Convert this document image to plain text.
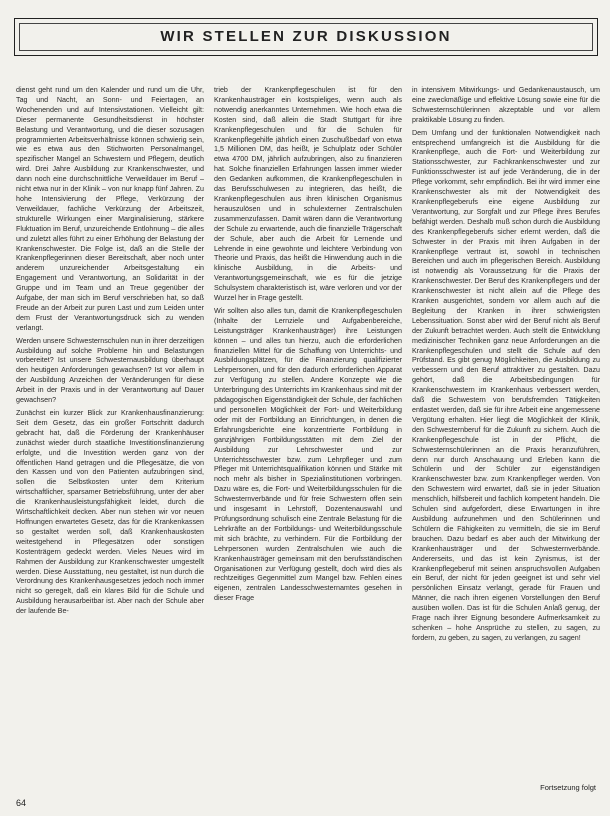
WIR STELLEN ZUR DISKUSSION

dienst geht rund um den Kalender und rund um die Uhr, Tag und Nacht, an Sonn- und Feiertagen, an Wochenenden und auf Intensivstationen. Vielleicht gilt: Dieser permanente Gesundheitsdienst in höchster Belastung und Verantwortung, und die dieser sozusagen programmierten Arbeitsverhältnisse können schwierig sein, wie es etwa aus den Stichworten Personalmangel, spezifischer Mangel an Schwestern und Pflegern, deutlich wird. Drei Jahre Ausbildung zur Krankenschwester, und dann noch eine durchschnittliche Verweildauer im Beruf – nicht etwa nur in der Klinik – von nur knapp fünf Jahren. Zu hohe Intensivierung der Pflege, Verkürzung der Verweildauer, fachliche Verkürzung der Arbeitszeit, strukturelle Wirkungen einer Marginalisierung, stärkere Fluktuation im Beruf, unzureichende Entlohnung – die alles und zuletzt alles führt zu einer Erhöhung der Belastung der Krankenschwester. Die Folge ist, daß an die Stelle der Krankenpflegerinnen dieser Bereitschaft, aber noch unter anderem unzureichender Arbeitsgestaltung ein Engagement und Verantwortung, an Solidarität in der Gruppe und im Team und an Treue gegenüber der Aufgabe, der man sich im Beruf verschrieben hat, so daß Freude an der Arbeit zur puren Last und zum Leiden unter dem Frust der Verantwortungsdruck sich zu wenden verlangt.

Werden unsere Schwesternschulen nun in ihrer derzeitigen Ausbildung auf solche Probleme hin und Belastungen vorbereitet? Ist unsere Schwesternausbildung überhaupt den heutigen Anforderungen gewachsen? Ist vor allem in der Ausbildung Anzeichen der Veränderungen für diese Arbeit in der Praxis und in der Verantwortung auf Dauer gewachsen?

Zunächst ein kurzer Blick zur Krankenhausfinanzierung: Seit dem Gesetz, das ein großer Fortschritt dadurch gebracht hat, daß die Förderung der Krankenhäuser zunächst wieder durch staatliche Investitionsfinanzierung erfolgte, und die Investition werden ganz von der öffentlichen Hand getragen und die Pflegesätze, die von den Kassen und von den Patienten aufzubringen sind, sollen die Selbstkosten unter dem Kriterium wirtschaftlicher, sparsamer Betriebsführung, unter der aber die Krankenhausleistungsfähigkeit leidet, durch die Wirtschaftlichkeit decken. Aber nun stehen wir vor neuen Hoffnungen erwartetes Gesetz, das für die Krankenkassen so gestaltet werden soll, daß Krankenhauskosten weitestgehend in Pflegesätzen oder sonstigen Kostenträgern gedeckt werden. Vieles Neues wird im Rahmen der Ausbildung zur Krankenschwester umgestellt werden. Diese Ausstattung, neu gestaltet, ist nun durch die Verordnung des Krankenhausgesetzes jedoch noch immer nicht so geregelt, daß ein klares Bild für die Schule und Ausbildung herausarbeitbar ist. Aber nach der Schule aber der laufende Be-

trieb der Krankenpflegeschulen ist für den Krankenhausträger ein kostspieliges, wenn auch als notwendig anerkanntes Unternehmen. Wie hoch etwa die Kosten sind, daß allein die Stadt Stuttgart für ihre Krankenpflegeschulen und für die Schulen für Krankenpflegehilfe jährlich einen Zuschußbedarf von etwa 1,5 Millionen DM, das heißt, je Schulplatz oder Schüler etwa 4700 DM, jährlich aufzubringen, also zu finanzieren hat. Solche finanziellen Erfahrungen lassen immer wieder den Gedanken aufkommen, die Krankenpflegeschulen in das Berufsschulwesen zu integrieren, das heißt, die Krankenpflegeschulen aus ihren klinischen Organismus herauszulösen und in schulexterner Zentralschulen zusammenzufassen. Damit wären dann die Verantwortung der Schule zu erwartende, auch die finanzielle Trägerschaft der Schule, aber auch die Arbeit für Lernende und Lehrende in eine gewohnte und leichtere Verbindung von Theorie und Praxis, das heißt die Hinwendung auch in die klinische Ausbildung, in die Arbeits- und Verantwortungsgemeinschaft, wie es für die jetzige Schulsystem charakteristisch ist, wäre verloren und vor der Wurzel her in Frage gestellt.

Wir sollten also alles tun, damit die Krankenpflegeschulen (Inhalte der Lernziele und Aufgabenbereiche, Leistungsträger Krankenhausträger) ihre Leistungen können – und alles tun hierzu, auch die erforderlichen finanziellen Mittel für die Schaffung von Unterrichts- und Ausbildungsplätzen, für die Finanzierung qualifizierter Lehrpersonen, und für den dadurch erforderlichen Apparat zur Verfügung zu stellen. Andere Konzepte wie die Unterbringung des Unterrichts im Krankenhaus sind mit der pädagogischen Eigenständigkeit der Schule, der fachlichen und personellen Möglichkeit der Fort- und Weiterbildung oder mit der Fortbildung an Einrichtungen, in denen die Erfahrungsberichte eine konzentrierte Fortbildung in ganzjährigen Fortbildungsstätten mit dem Ziel der Ausbildung zur Lehrschwester und zur Unterrichtsschwester bzw. zum Lehrpfleger und zum Pfleger mit Unterrichtsqualifikation können und Stärke mit noch mehr als bisher in Spezialinstitutionen vorbringen. Dazu wäre es, die Fort- und Weiterbildungsschulen für die Schwesternverbände und für freie Schwestern offen sein und insgesamt in Lehrstoff, Dozentenauswahl und Prüfungsordnung schulisch eine Zentrale Belastung für die Lehrkräfte an der Fortbildungs- und Weiterbildungsschule mit sich brächte, zu verhindern. Für die Fortbildung der Lehrpersonen wurden Zentralschulen wie auch die Krankenhausträger gemeinsam mit den berufsständischen Organisationen zur Verfügung gestellt, doch wird dies als rechtzeitiges Gegenmittel zum Mangel bzw. Fehlen eines eigenen, zentralen Landesschwesternamtes gesehen in dieser Frage

in intensivem Mitwirkungs- und Gedankenaustausch, um eine zweckmäßige und effektive Lösung sowie eine für die Schwesternschülerinnen akzeptable und vor allem praktikable Lösung zu finden.

Dem Umfang und der funktionalen Notwendigkeit nach entsprechend umfangreich ist die Ausbildung für die Krankenpflege, auch die Fort- und Weiterbildung zur Stationsschwester, zur Fachkrankenschwester und zur Funktionsschwester ist auf jede Veränderung, die in der Pflege vorkommt, sehr empfindlich. Bei ihr wird immer eine Krankenschwester als mit der Notwendigkeit des Krankenpflegeberufs eine eigene Ausbildung zur Verantwortung, zur Sorgfalt und zur Pflege ihres Berufes befähigt werden. Deshalb muß schon durch die Ausbildung des Krankenpflegeberufs sicher erlernt werden, daß die Schwester in der Praxis mit ihren Aufgaben in der Krankenpflege vertraut ist, sowohl in technischen Bereichen und auch im pflegerischen Bereich. Ausbildung ist notwendig als Voraussetzung für die Praxis der Krankenschwester. Der Beruf des Krankenpflegers und der Krankenschwester ist nicht allein auf die Pflege des Kranken ausgerichtet, sondern vor allem auch auf die Begleitung der Kranken in ihrer schwierigsten Lebenssituation. Sonst aber wird der Beruf nicht als Beruf der Zukunft betrachtet werden. Auch stellt die Entwicklung medizinischer Techniken ganz neue Anforderungen an die Krankenpflegeschulen und stellt die Schule auf den Prüfstand. Es gibt genug Möglichkeiten, die Ausbildung zu verbessern und den Beruf attraktiver zu gestalten. Dazu gehört, daß die Arbeitsbedingungen für Krankenschwestern im Krankenhaus verbessert werden, daß die Schwestern von berufsfremden Tätigkeiten entlastet werden, daß sie für ihre Arbeit eine angemessene Vergütung erhalten. Hier liegt die Möglichkeit der Klinik, den Schwesternberuf für die Zukunft zu sichern. Auch die Krankenpflegeschule ist in der Pflicht, die Schwesternschülerinnen an die Praxis heranzuführen, denn nur durch Anschauung und Erleben kann die Schülerin und der Schüler zur eigenständigen Krankenschwester bzw. zum Krankenpfleger werden. Von den Schwestern wird erwartet, daß sie in jeder Situation menschlich, hilfsbereit und fachlich kompetent handeln. Die Schulen sind aufgefordert, diese Erwartungen in ihre Ausbildung aufzunehmen und den Schülerinnen und Schülern die Fähigkeiten zu vermitteln, die sie im Beruf brauchen. Dazu bedarf es aber auch der Mitwirkung der Krankenhausträger und der Schwesternverbände. Andererseits, und das ist kein Zynismus, ist der Krankenpflegeberuf mit seinen anspruchsvollen Aufgaben ein Beruf, der nicht für jeden geeignet ist und sehr viel persönlichen Einsatz verlangt, gerade für Frauen und Männer, die nach ihren eigenen Vorstellungen den Beruf ausüben wollen. Das ist für die Schulen Anlaß genug, der Frage nach ihrer Eignung besondere Aufmerksamkeit zu schenken – hohe Ansprüche zu stellen, zu sagen, zu fordern, zu geben, zu sagen, zu verlangen, zu sagen!

Fortsetzung folgt
64
